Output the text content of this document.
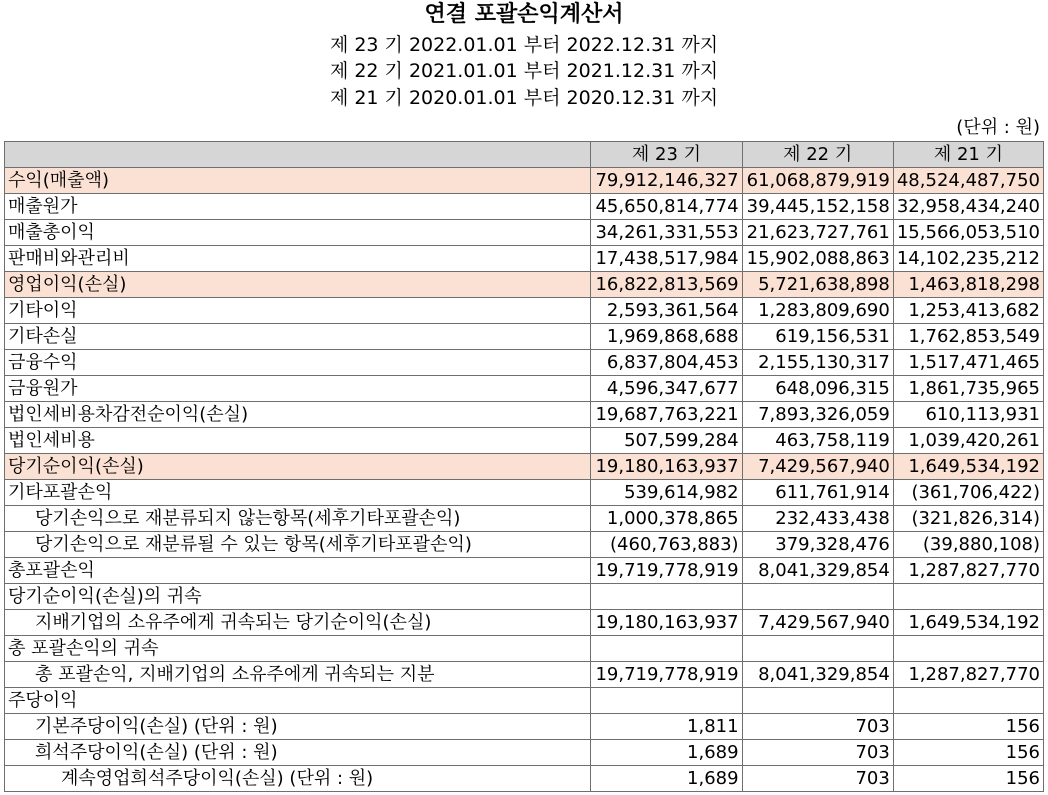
연결 포괄손익계산서
제 23 기 2022.01.01 부터 2022.12.31 까지
제 22 기 2021.01.01 부터 2021.12.31 까지
제 21 기 2020.01.01 부터 2020.12.31 까지
(단위 : 원)
	제 23 기	제 22 기	제 21 기
수익(매출액)	79,912,146,327	61,068,879,919	48,524,487,750
매출원가	45,650,814,774	39,445,152,158	32,958,434,240
매출총이익	34,261,331,553	21,623,727,761	15,566,053,510
판매비와관리비	17,438,517,984	15,902,088,863	14,102,235,212
영업이익(손실)	16,822,813,569	5,721,638,898	1,463,818,298
기타이익	2,593,361,564	1,283,809,690	1,253,413,682
기타손실	1,969,868,688	619,156,531	1,762,853,549
금융수익	6,837,804,453	2,155,130,317	1,517,471,465
금융원가	4,596,347,677	648,096,315	1,861,735,965
법인세비용차감전순이익(손실)	19,687,763,221	7,893,326,059	610,113,931
법인세비용	507,599,284	463,758,119	1,039,420,261
당기순이익(손실)	19,180,163,937	7,429,567,940	1,649,534,192
기타포괄손익	539,614,982	611,761,914	(361,706,422)
당기손익으로 재분류되지 않는항목(세후기타포괄손익)	1,000,378,865	232,433,438	(321,826,314)
당기손익으로 재분류될 수 있는 항목(세후기타포괄손익)	(460,763,883)	379,328,476	(39,880,108)
총포괄손익	19,719,778,919	8,041,329,854	1,287,827,770
당기순이익(손실)의 귀속			
지배기업의 소유주에게 귀속되는 당기순이익(손실)	19,180,163,937	7,429,567,940	1,649,534,192
총 포괄손익의 귀속			
총 포괄손익, 지배기업의 소유주에게 귀속되는 지분	19,719,778,919	8,041,329,854	1,287,827,770
주당이익			
기본주당이익(손실) (단위 : 원)	1,811	703	156
희석주당이익(손실) (단위 : 원)	1,689	703	156
계속영업희석주당이익(손실) (단위 : 원)	1,689	703	156
